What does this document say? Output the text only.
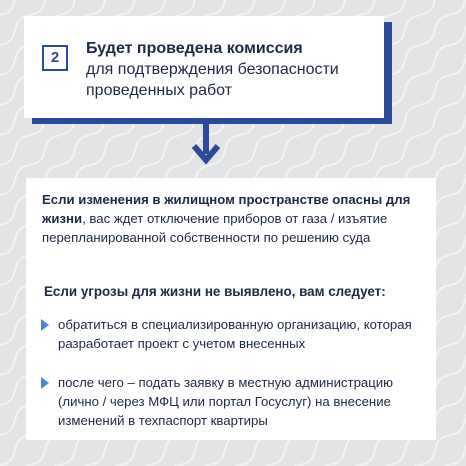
2
Будет проведена комиссия
для подтверждения безопасности
проведенных работ
Если изменения в жилищном пространстве опасны для жизни, вас ждет отключение приборов от газа / изъятие перепланированной собственности по решению суда
Если угрозы для жизни не выявлено, вам следует:
обратиться в специализированную организацию, которая разработает проект с учетом внесенных
после чего – подать заявку в местную администрацию (лично / через МФЦ или портал Госуслуг) на внесение изменений в техпаспорт квартиры
